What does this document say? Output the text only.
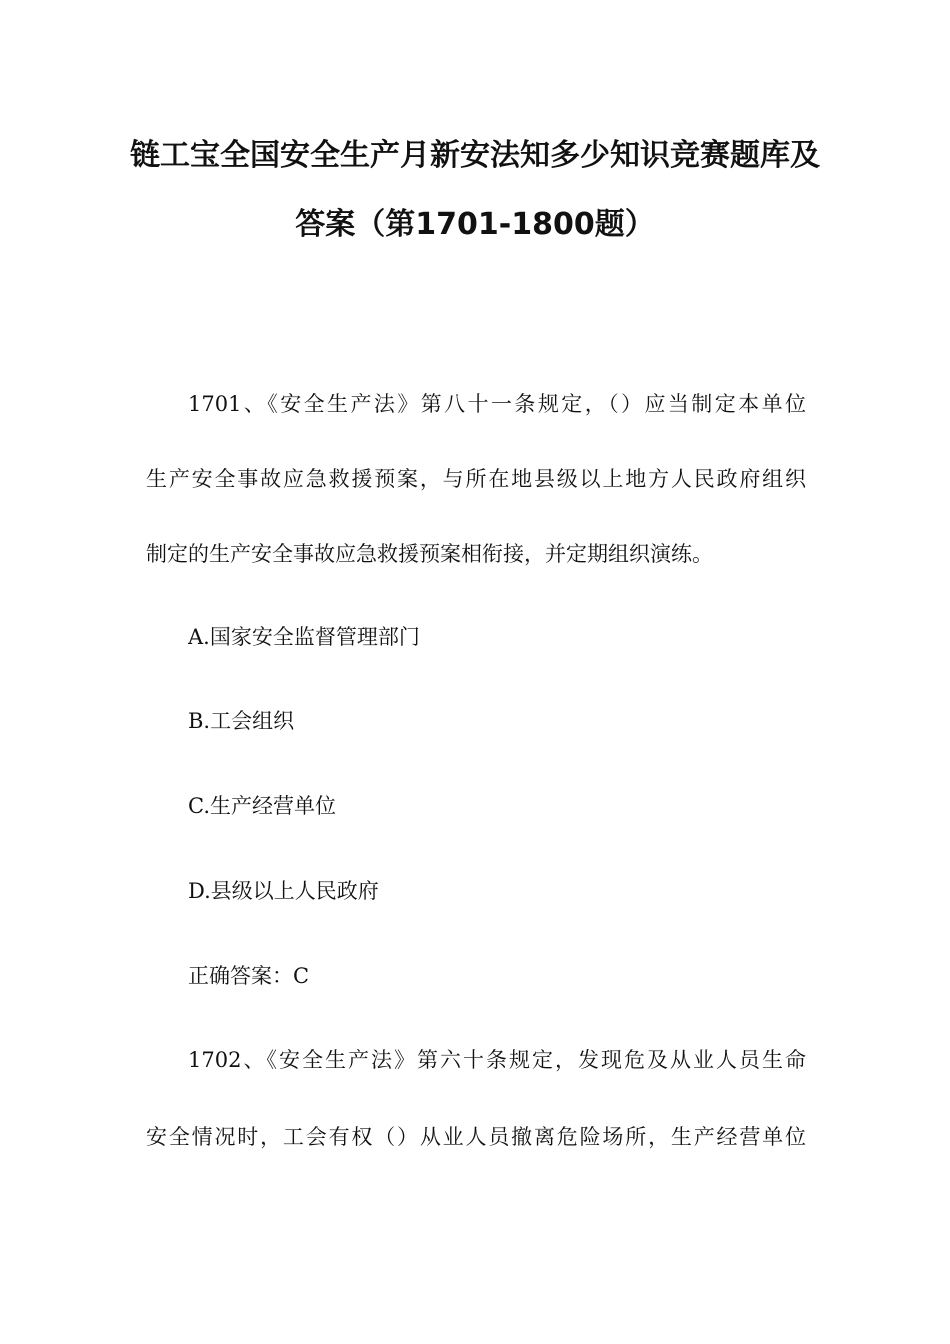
链工宝全国安全生产月新安法知多少知识竞赛题库及
答案（第1701-1800题）
1701、《安全生产法》第八十一条规定，（）应当制定本单位
生产安全事故应急救援预案，与所在地县级以上地方人民政府组织
制定的生产安全事故应急救援预案相衔接，并定期组织演练。
A.国家安全监督管理部门
B.工会组织
C.生产经营单位
D.县级以上人民政府
正确答案：C
1702、《安全生产法》第六十条规定，发现危及从业人员生命
安全情况时，工会有权（）从业人员撤离危险场所，生产经营单位
